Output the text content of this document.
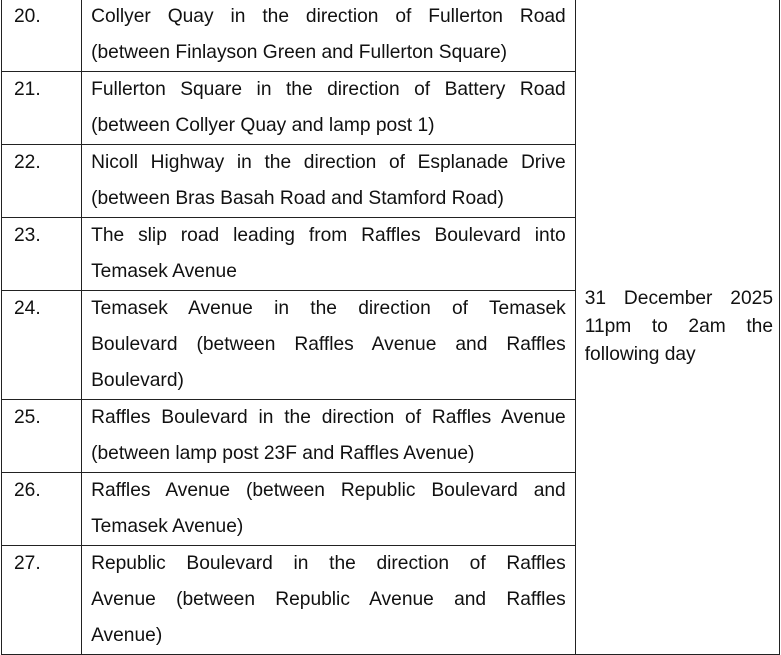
20.	Collyer Quay in the direction of Fullerton Road
(between Finlayson Green and Fullerton Square)	31 December 2025
11pm to 2am the
following day

21.	Fullerton Square in the direction of Battery Road
(between Collyer Quay and lamp post 1)	

22.	Nicoll Highway in the direction of Esplanade Drive
(between Bras Basah Road and Stamford Road)	

23.	The slip road leading from Raffles Boulevard into
Temasek Avenue	

24.	Temasek Avenue in the direction of Temasek
Boulevard (between Raffles Avenue and Raffles
Boulevard)	

25.	Raffles Boulevard in the direction of Raffles Avenue
(between lamp post 23F and Raffles Avenue)	

26.	Raffles Avenue (between Republic Boulevard and
Temasek Avenue)	

27.	Republic Boulevard in the direction of Raffles
Avenue (between Republic Avenue and Raffles
Avenue)	
